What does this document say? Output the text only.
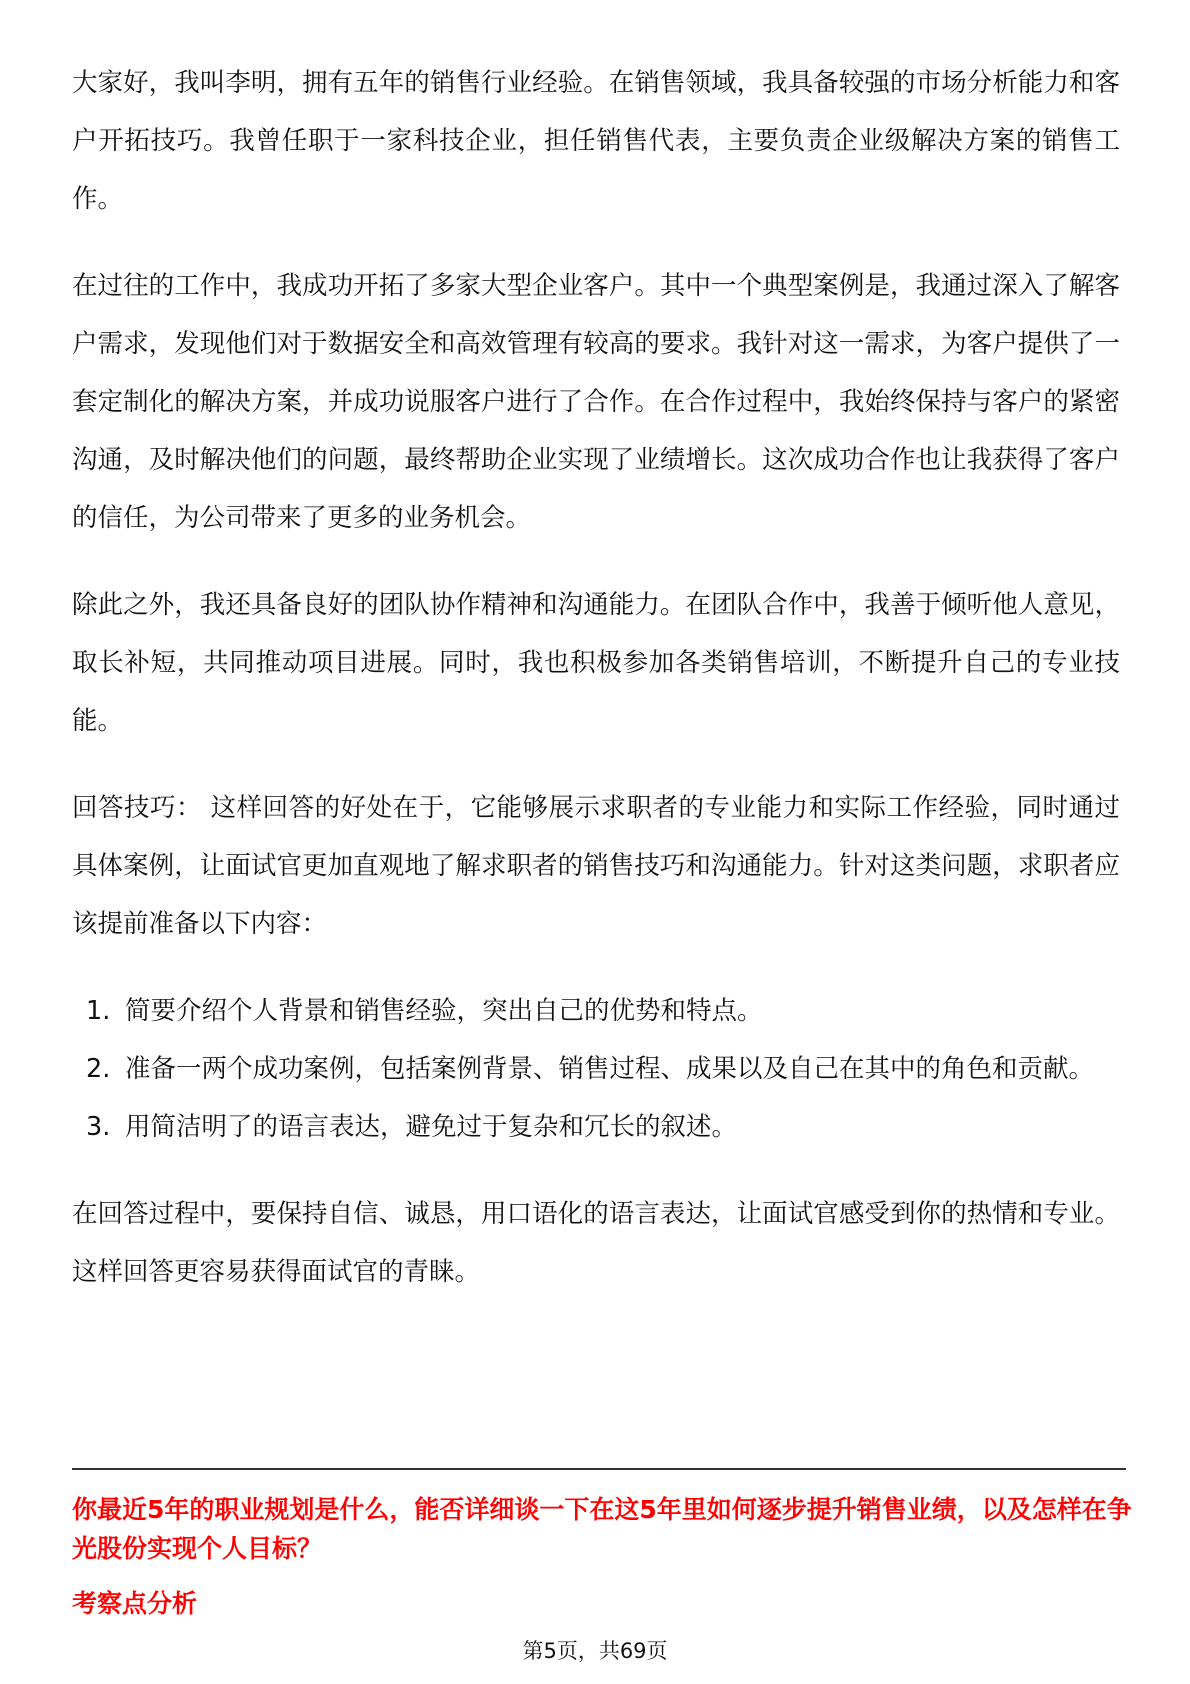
大家好，我叫李明，拥有五年的销售行业经验。在销售领域，我具备较强的市场分析能力和客户开拓技巧。我曾任职于一家科技企业，担任销售代表，主要负责企业级解决方案的销售工作。

在过往的工作中，我成功开拓了多家大型企业客户。其中一个典型案例是，我通过深入了解客户需求，发现他们对于数据安全和高效管理有较高的要求。我针对这一需求，为客户提供了一套定制化的解决方案，并成功说服客户进行了合作。在合作过程中，我始终保持与客户的紧密沟通，及时解决他们的问题，最终帮助企业实现了业绩增长。这次成功合作也让我获得了客户的信任，为公司带来了更多的业务机会。

除此之外，我还具备良好的团队协作精神和沟通能力。在团队合作中，我善于倾听他人意见，取长补短，共同推动项目进展。同时，我也积极参加各类销售培训，不断提升自己的专业技能。

回答技巧： 这样回答的好处在于，它能够展示求职者的专业能力和实际工作经验，同时通过具体案例，让面试官更加直观地了解求职者的销售技巧和沟通能力。针对这类问题，求职者应该提前准备以下内容：

1. 简要介绍个人背景和销售经验，突出自己的优势和特点。
2. 准备一两个成功案例，包括案例背景、销售过程、成果以及自己在其中的角色和贡献。
3. 用简洁明了的语言表达，避免过于复杂和冗长的叙述。

在回答过程中，要保持自信、诚恳，用口语化的语言表达，让面试官感受到你的热情和专业。这样回答更容易获得面试官的青睐。

你最近5年的职业规划是什么，能否详细谈一下在这5年里如何逐步提升销售业绩，以及怎样在争光股份实现个人目标？
考察点分析
第5页，共69页
